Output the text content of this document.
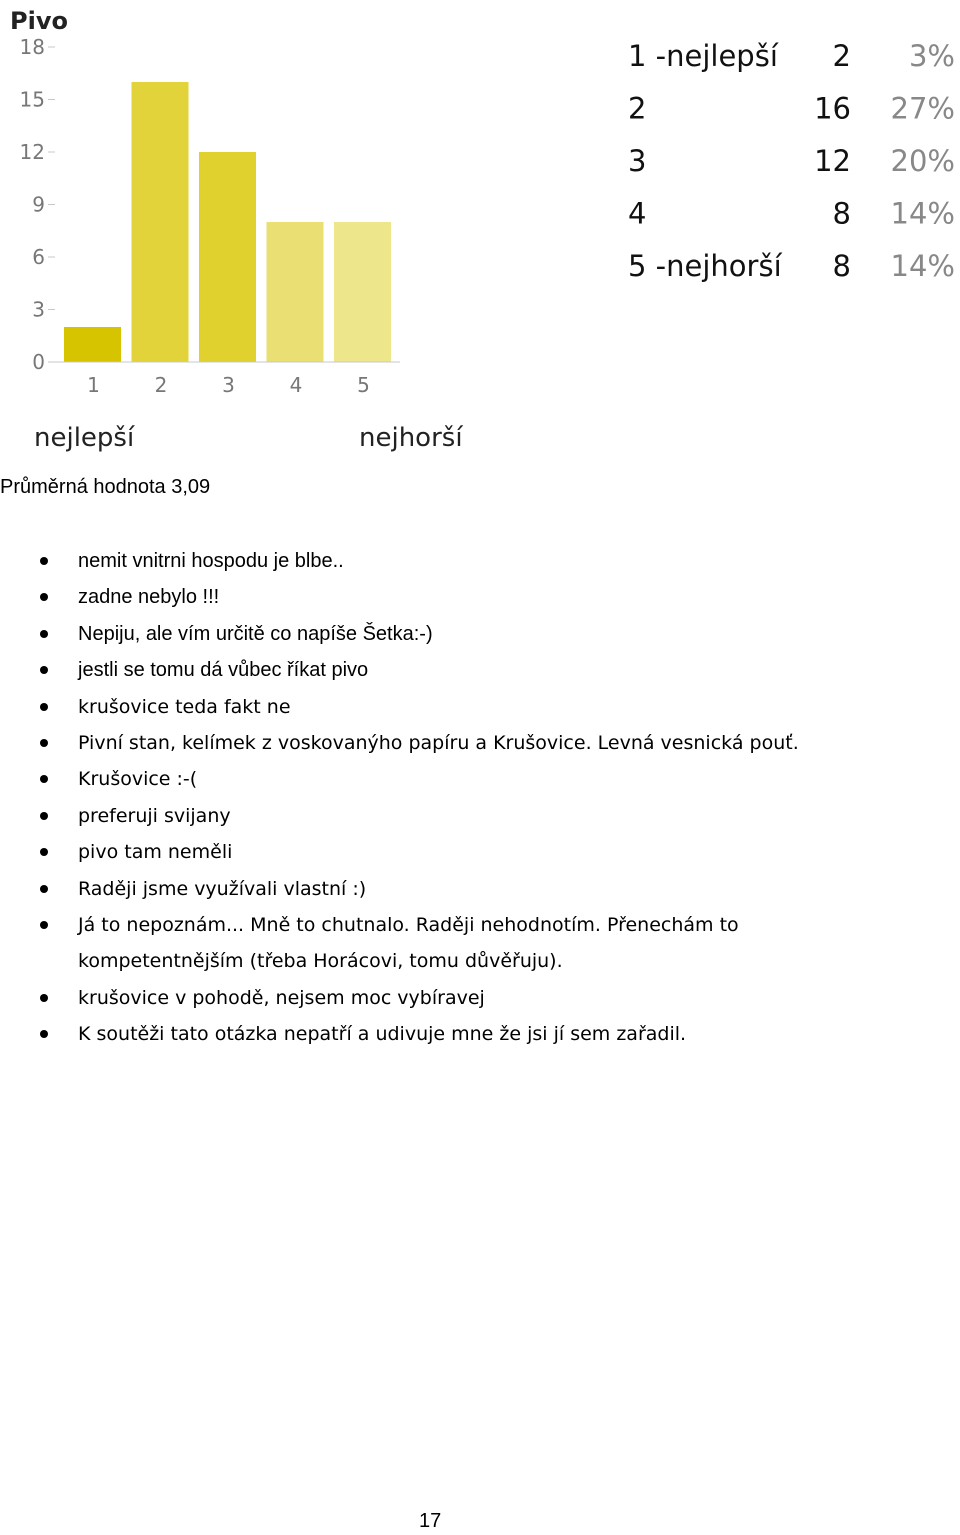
Pivo
0
3
6
9
12
15
18
1	2	3	4	5
nejlepší	nejhorší
1 -nejlepší 2 3%
2	16 27%
3	12 20%
4	8 14%
5 -nejhorší 8 14%
Průměrná hodnota 3,09
nemit vnitrni hospodu je blbe..
zadne nebylo !!!
Nepiju, ale vím určitě co napíše Šetka:-)
jestli se tomu dá vůbec říkat pivo
krušovice teda fakt ne
Pivní stan, kelímek z voskovanýho papíru a Krušovice. Levná vesnická pouť.
Krušovice :-(
preferuji svijany
pivo tam neměli
Raději jsme využívali vlastní :)
Já to nepoznám... Mně to chutnalo. Raději nehodnotím. Přenechám to kompetentnějším (třeba Horácovi, tomu důvěřuju).
krušovice v pohodě, nejsem moc vybíravej
K soutěži tato otázka nepatří a udivuje mne že jsi jí sem zařadil.
17
